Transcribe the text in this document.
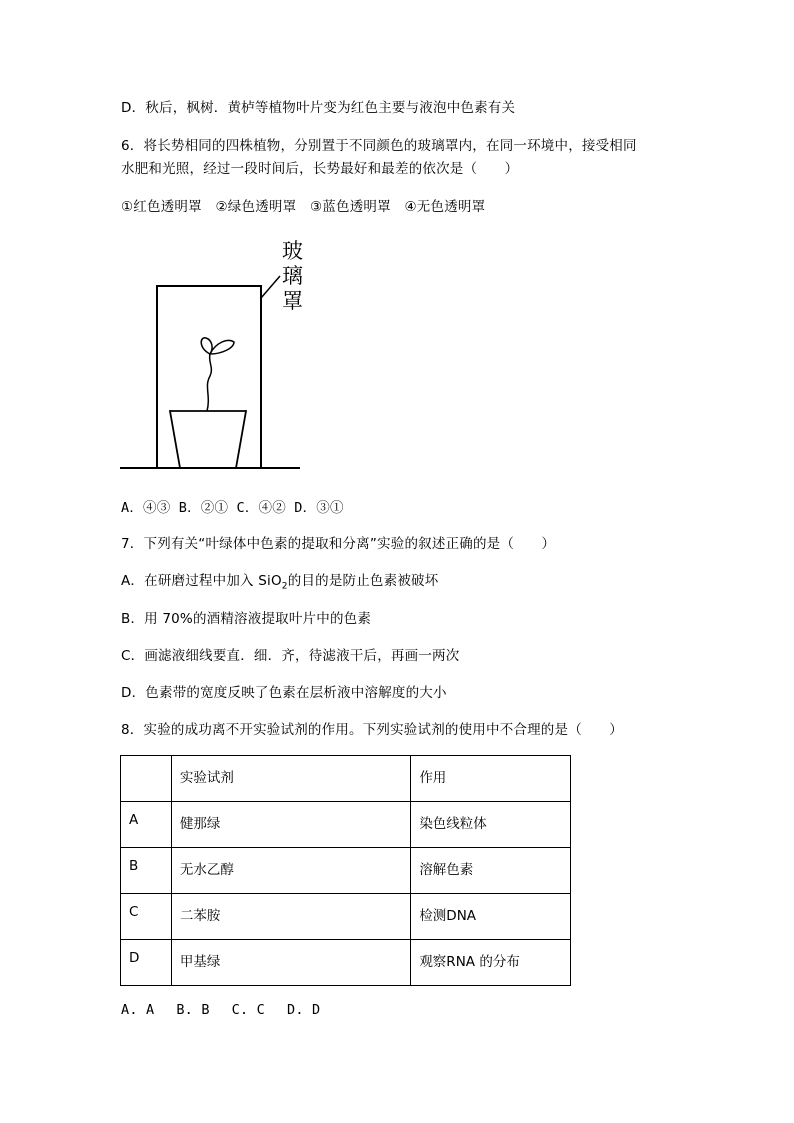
D．秋后，枫树．黄栌等植物叶片变为红色主要与液泡中色素有关
6．将长势相同的四株植物，分别置于不同颜色的玻璃罩内，在同一环境中，接受相同
水肥和光照，经过一段时间后，长势最好和最差的依次是（　　）
①红色透明罩　②绿色透明罩　③蓝色透明罩　④无色透明罩
玻
璃
罩
A．④③ B．②① C．④② D．③①
7．下列有关“叶绿体中色素的提取和分离”实验的叙述正确的是（　　）
A．在研磨过程中加入 SiO$_2$的目的是防止色素被破坏
B．用 70%的酒精溶液提取叶片中的色素
C．画滤液细线要直．细．齐，待滤液干后，再画一两次
D．色素带的宽度反映了色素在层析液中溶解度的大小
8．实验的成功离不开实验试剂的作用。下列实验试剂的使用中不合理的是（　　）
	实验试剂	作用
A	健那绿	染色线粒体
B	无水乙醇	溶解色素
C	二苯胺	检测DNA
D	甲基绿	观察RNA 的分布
A. A　 B. B　 C. C　 D. D
